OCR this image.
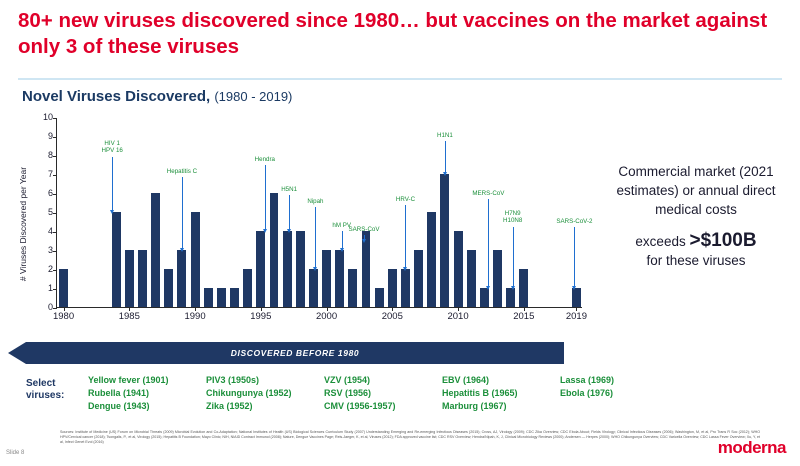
80+ new viruses discovered since 1980… but vaccines on the market against only 3 of these viruses
Novel Viruses Discovered, (1980 - 2019)
# Viruses Discovered per Year
0
1
2
3
4
5
6
7
8
9
10
1980	1985	1990	1995	2000	2005	2010	2015	2019
HIV 1
HPV 16
Hepatitis C
Hendra
H5N1
Nipah
hM PV
SARS-CoV
HRV-C
H1N1
MERS-CoV
H7N9
H10N8	SARS-CoV-2
Commercial market (2021 estimates) or annual direct medical costs
exceeds >$100B
for these viruses
DISCOVERED BEFORE 1980
Select viruses:
Yellow fever (1901)
Rubella (1941)
Dengue (1943)
PIV3 (1950s)
Chikungunya (1952)
Zika (1952)
VZV (1954)
RSV (1956)
CMV (1956-1957)
EBV (1964)
Hepatitis B (1965)
Marburg (1967)
Lassa (1969)
Ebola (1976)
Sources: Institute of Medicine (US) Forum on Microbial Threats (2009) Microbial Evolution and Co-Adaptation; National Institutes of Health (US) Biological Sciences Curriculum Study (2007) Understanding Emerging and Re-emerging Infectious Diseases (2015); Cross, AJ, Virology (2009); CDC Zika Overview; CDC Ebola About; Fields Virology; Clinical Infectious Diseases (2006); Washington, M, et al, Pro Trans R Soc (2012); WHO HPV/Cervical cancer (2018); Tsongalis, P., et al, Virology (2015); Hepatitis B Foundation; Mayo Clinic; NIH, NIAID Contract Immunol (2008); Nature, Dengue Vaccines Page; Reis-Jaeger, K, et al, Viruses (2012); FDA approved vaccine list; CDC RSV Overview; Hendra/Nipah, K, J, Clinical Microbiology Reviews (2000); Andersen — Herpes (2000); WHO Chikungunya Overview; CDC Varicella Overview; CDC Lassa Fever Overview; Xu, Y, et al, Infect Genet Evol (2016)
Slide 8	moderna
